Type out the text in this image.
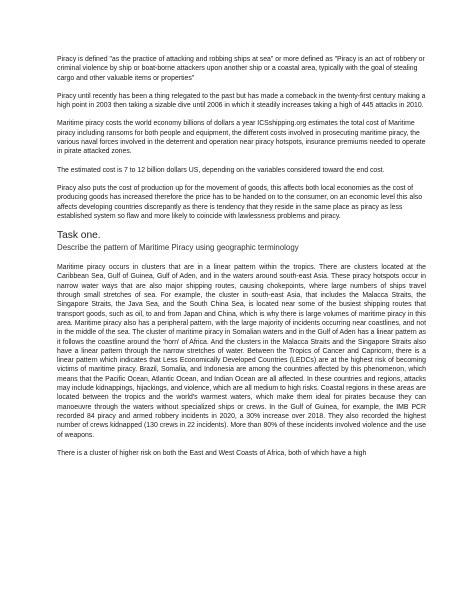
Piracy is defined "as the practice of attacking and robbing ships at sea" or more defined as "Piracy is an act of robbery or criminal violence by ship or boat-borne attackers upon another ship or a coastal area, typically with the goal of stealing cargo and other valuable items or properties"

Piracy until recently has been a thing relegated to the past but has made a comeback in the twenty-first century making a high point in 2003 then taking a sizable dive until 2006 in which it steadily increases taking a high of 445 attacks in 2010.

Maritime piracy costs the world economy billions of dollars a year ICSshipping.org estimates the total cost of Maritime piracy including ransoms for both people and equipment, the different costs involved in prosecuting maritime piracy, the various naval forces involved in the deterrent and operation near piracy hotspots, insurance premiums needed to operate in pirate attacked zones.

The estimated cost is 7 to 12 billion dollars US, depending on the variables considered toward the end cost.

Piracy also puts the cost of production up for the movement of goods, this affects both local economies as the cost of producing goods has increased therefore the price has to be handed on to the consumer, on an economic level this also affects developing countries discrepantly as there is tendency that they reside in the same place as piracy as less established system so flaw and more likely to coincide with lawlessness problems and piracy.

Task one.
Describe the pattern of Maritime Piracy using geographic terminology

Maritime piracy occurs in clusters that are in a linear pattern within the tropics. There are clusters located at the Caribbean Sea, Gulf of Guinea, Gulf of Aden, and in the waters around south-east Asia. These piracy hotspots occur in narrow water ways that are also major shipping routes, causing chokepoints, where large numbers of ships travel through small stretches of sea. For example, the cluster in south-east Asia, that includes the Malacca Straits, the Singapore Straits, the Java Sea, and the South China Sea, is located near some of the busiest shipping routes that transport goods, such as oil, to and from Japan and China, which is why there is large volumes of maritime piracy in this area. Maritime piracy also has a peripheral pattern, with the large majority of incidents occurring near coastlines, and not in the middle of the sea. The cluster of maritime piracy in Somalian waters and in the Gulf of Aden has a linear pattern as it follows the coastline around the 'horn' of Africa. And the clusters in the Malacca Straits and the Singapore Straits also have a linear pattern through the narrow stretches of water. Between the Tropics of Cancer and Capricorn, there is a linear pattern which indicates that Less Economically Developed Countries (LEDCs) are at the highest risk of becoming victims of maritime piracy. Brazil, Somalia, and Indonesia are among the countries affected by this phenomenon, which means that the Pacific Ocean, Atlantic Ocean, and Indian Ocean are all affected. In these countries and regions, attacks may include kidnappings, hijackings, and violence, which are all medium to high risks. Coastal regions in these areas are located between the tropics and the world's warmest waters, which make them ideal for pirates because they can manoeuvre through the waters without specialized ships or crews. In the Gulf of Guinea, for example, the IMB PCR recorded 84 piracy and armed robbery incidents in 2020, a 30% increase over 2018. They also recorded the highest number of crews kidnapped (130 crews in 22 incidents). More than 80% of these incidents involved violence and the use of weapons.

There is a cluster of higher risk on both the East and West Coasts of Africa, both of which have a high
